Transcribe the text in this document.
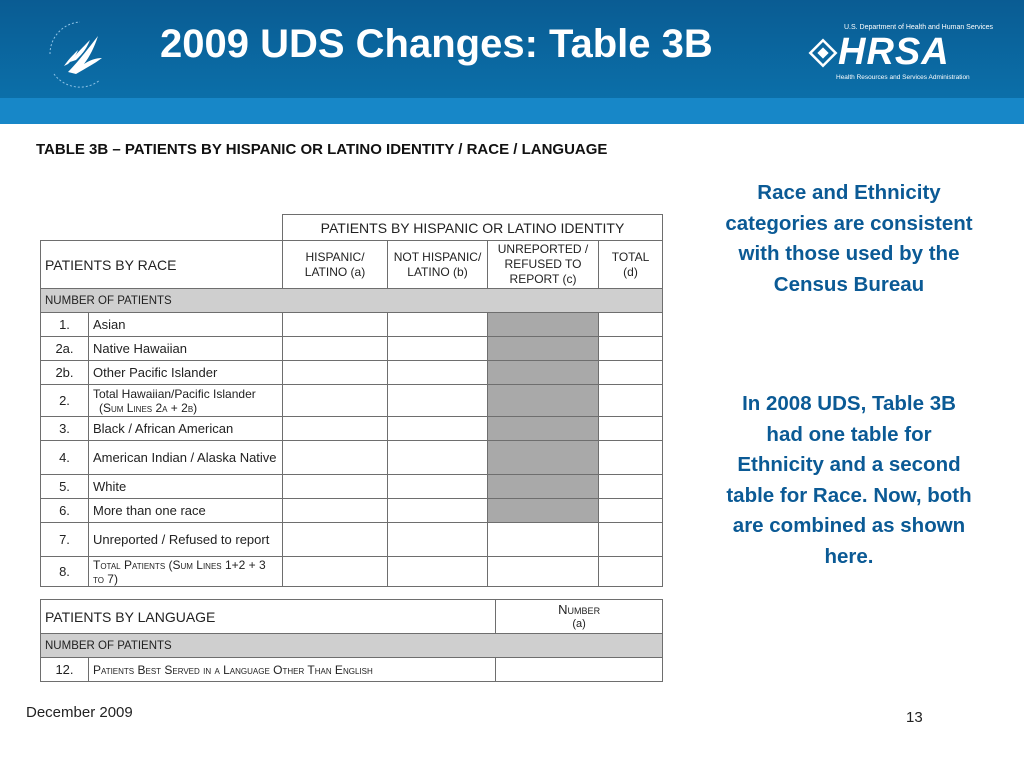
2009 UDS Changes: Table 3B	U.S. Department of Health and Human Services
HRSA
Health Resources and Services Administration
TABLE 3B – PATIENTS BY HISPANIC OR LATINO IDENTITY / RACE / LANGUAGE
		PATIENTS BY HISPANIC OR LATINO IDENTITY			
PATIENTS BY RACE		HISPANIC/ LATINO (a)	NOT HISPANIC/ LATINO (b)	UNREPORTED / REFUSED TO REPORT (c)	TOTAL (d)
NUMBER OF PATIENTS					
1.	Asian				
2a.	Native Hawaiian				
2b.	Other Pacific Islander				
2.	Total Hawaiian/Pacific Islander
(Sum Lines 2a + 2b)				

3.	Black / African American				
4.	American Indian / Alaska Native				
5.	White				
6.	More than one race				
7.	Unreported / Refused to report				
8.	Total Patients (Sum Lines 1+2 + 3 to 7)				
PATIENTS BY LANGUAGE		Number
(a)

NUMBER OF PATIENTS		
12.	Patients Best Served in a Language Other Than English	
Race and Ethnicity categories are consistent with those used by the Census Bureau
In 2008 UDS, Table 3B had one table for Ethnicity and a second table for Race. Now, both are combined as shown here.
December 2009	13
